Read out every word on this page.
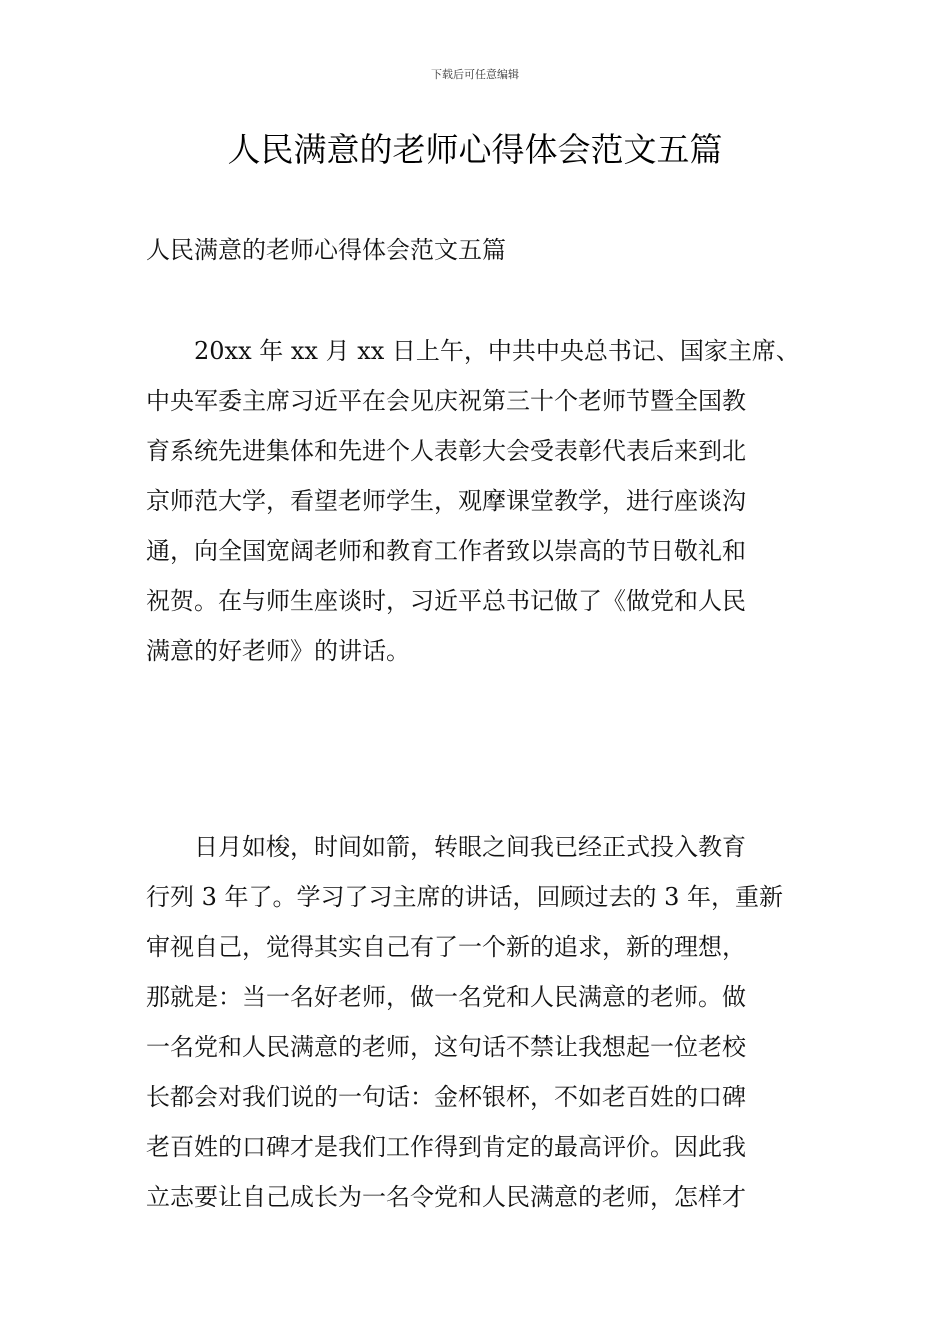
下载后可任意编辑
人民满意的老师心得体会范文五篇
人民满意的老师心得体会范文五篇

　　20xx 年 xx 月 xx 日上午，中共中央总书记、国家主席、
中央军委主席习近平在会见庆祝第三十个老师节暨全国教
育系统先进集体和先进个人表彰大会受表彰代表后来到北
京师范大学，看望老师学生，观摩课堂教学，进行座谈沟
通，向全国宽阔老师和教育工作者致以崇高的节日敬礼和
祝贺。在与师生座谈时，习近平总书记做了《做党和人民
满意的好老师》的讲话。

　　日月如梭，时间如箭，转眼之间我已经正式投入教育
行列 3 年了。学习了习主席的讲话，回顾过去的 3 年，重新
审视自己，觉得其实自己有了一个新的追求，新的理想，
那就是：当一名好老师，做一名党和人民满意的老师。做
一名党和人民满意的老师，这句话不禁让我想起一位老校
长都会对我们说的一句话：金杯银杯，不如老百姓的口碑
老百姓的口碑才是我们工作得到肯定的最高评价。因此我
立志要让自己成长为一名令党和人民满意的老师，怎样才
